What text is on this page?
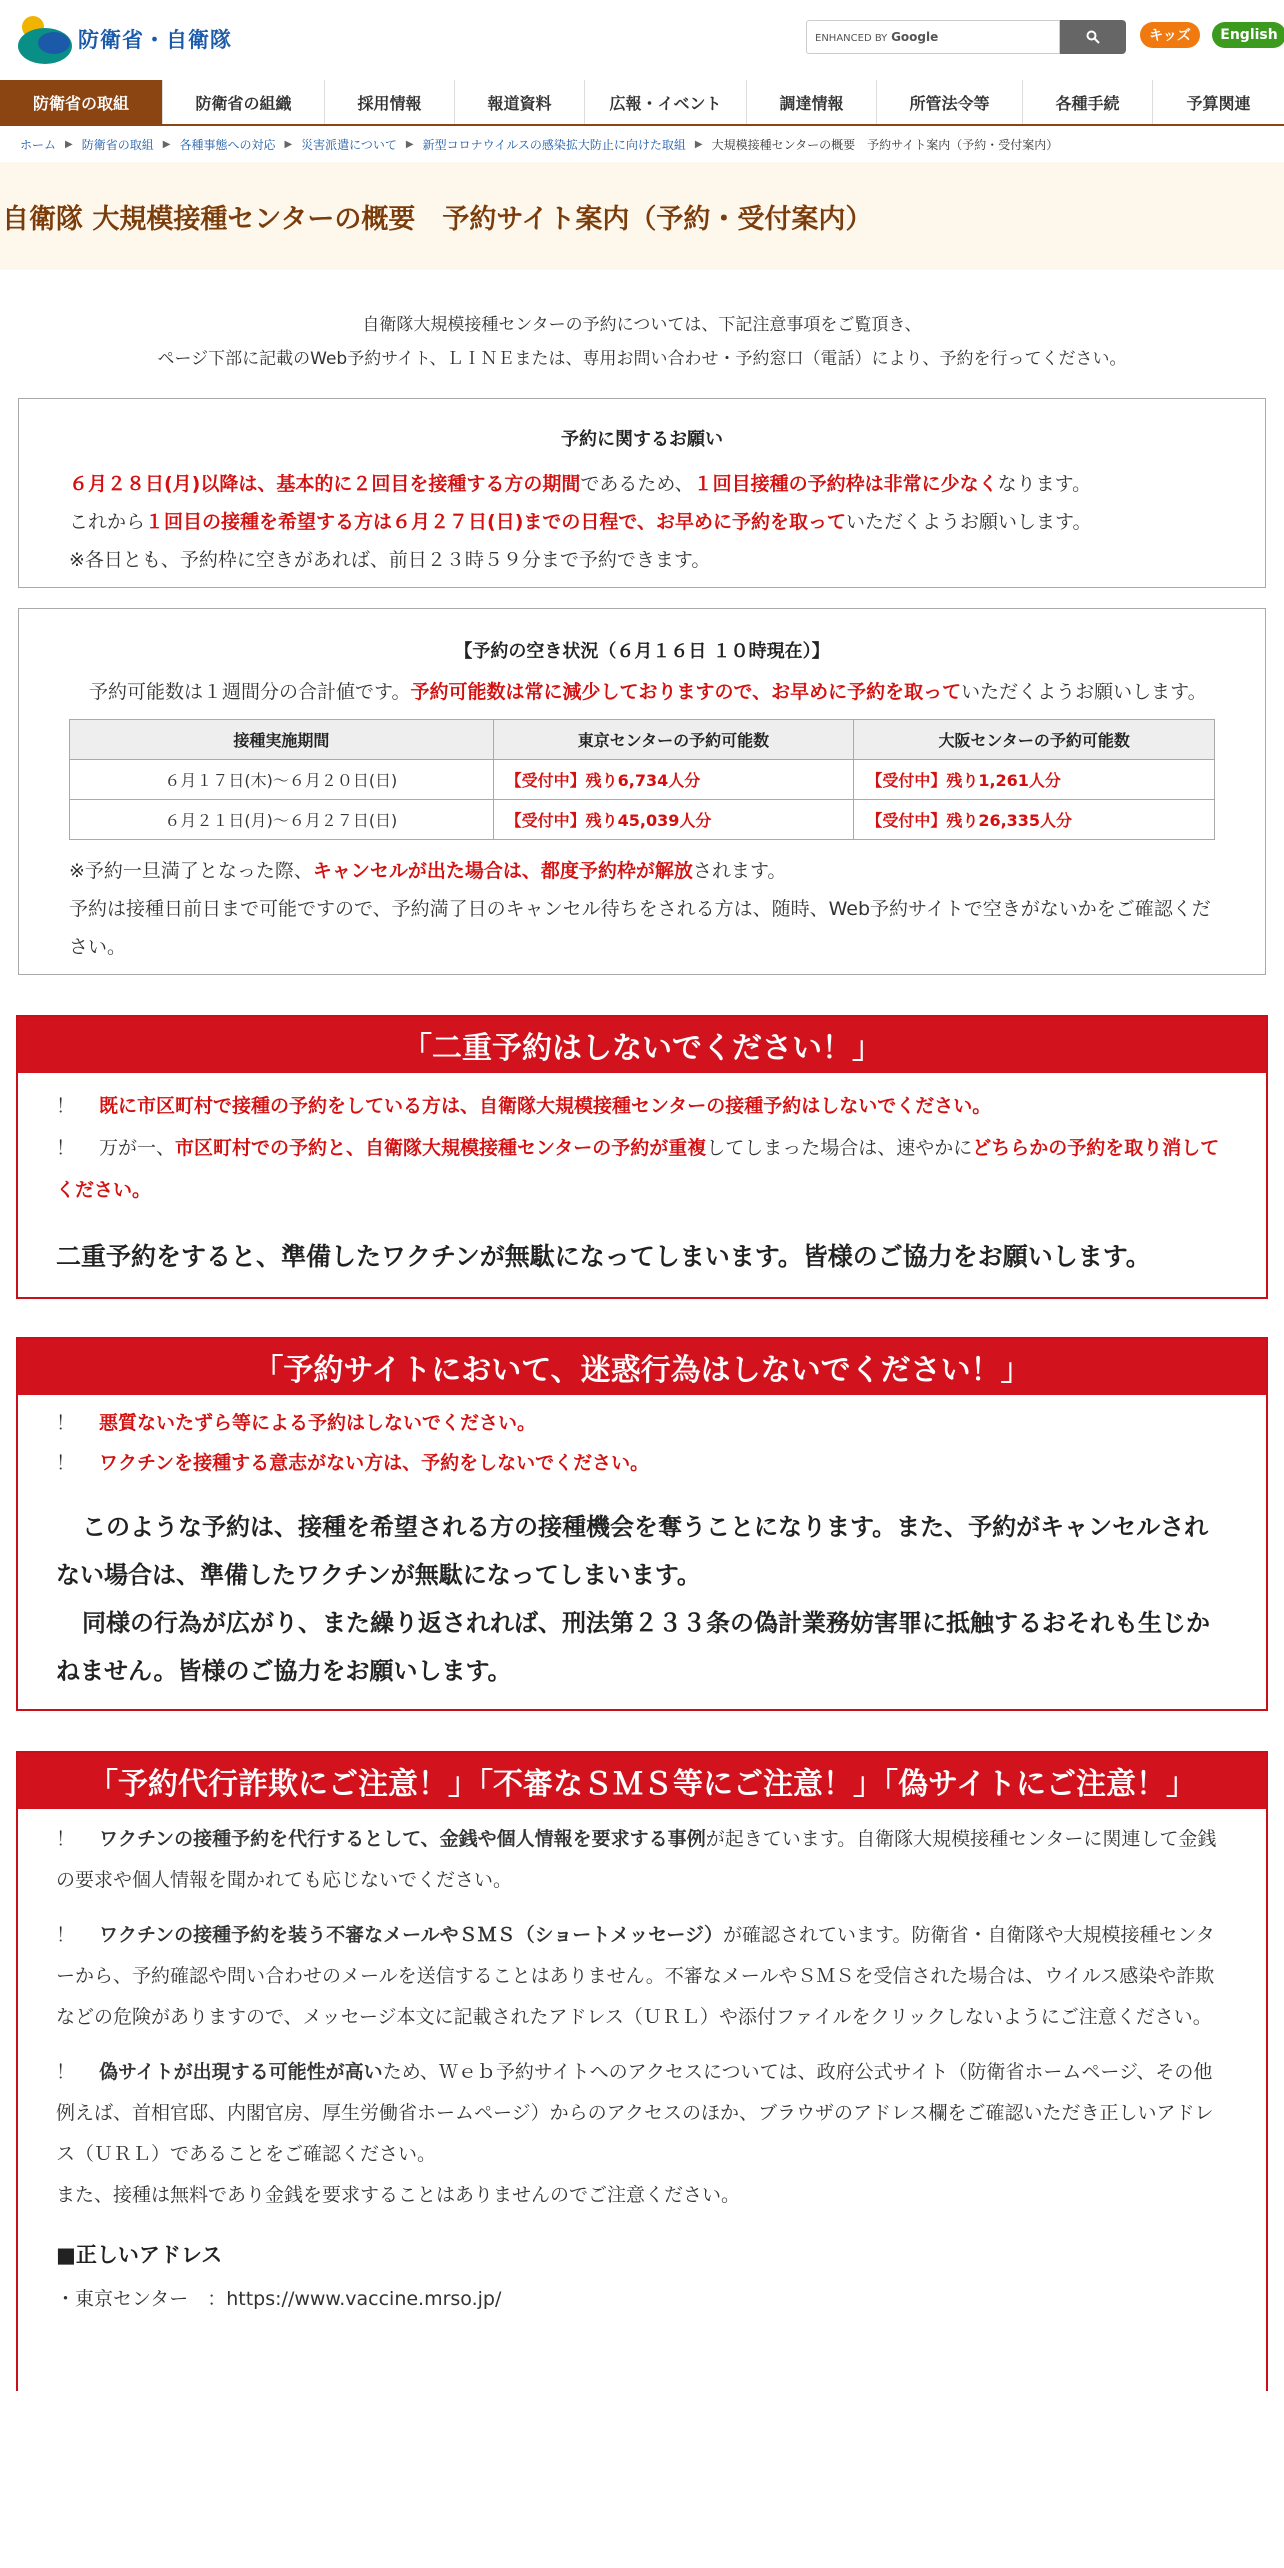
防衛省・自衛隊	ENHANCED BY Google	キッズ	English
防衛省の取組	防衛省の組織	採用情報	報道資料	広報・イベント	調達情報	所管法令等	各種手続	予算関連
ホーム ▶ 防衛省の取組 ▶ 各種事態への対応 ▶ 災害派遣について ▶ 新型コロナウイルスの感染拡大防止に向けた取組 ▶ 大規模接種センターの概要　予約サイト案内（予約・受付案内）
自衛隊 大規模接種センターの概要　予約サイト案内（予約・受付案内）
自衛隊大規模接種センターの予約については、下記注意事項をご覧頂き、
ページ下部に記載のWeb予約サイト、ＬＩＮＥまたは、専用お問い合わせ・予約窓口（電話）により、予約を行ってください。
予約に関するお願い
６月２８日(月)以降は、基本的に２回目を接種する方の期間であるため、１回目接種の予約枠は非常に少なくなります。
これから１回目の接種を希望する方は６月２７日(日)までの日程で、お早めに予約を取っていただくようお願いします。
※各日とも、予約枠に空きがあれば、前日２３時５９分まで予約できます。
【予約の空き状況（６月１６日 １０時現在）】
予約可能数は１週間分の合計値です。予約可能数は常に減少しておりますので、お早めに予約を取っていただくようお願いします。
接種実施期間	東京センターの予約可能数	大阪センターの予約可能数
６月１７日(木)～６月２０日(日)	【受付中】残り6,734人分	【受付中】残り1,261人分
６月２１日(月)～６月２７日(日)	【受付中】残り45,039人分	【受付中】残り26,335人分
※予約一旦満了となった際、キャンセルが出た場合は、都度予約枠が解放されます。
予約は接種日前日まで可能ですので、予約満了日のキャンセル待ちをされる方は、随時、Web予約サイトで空きがないかをご確認ください。
「二重予約はしないでください！」
！ 既に市区町村で接種の予約をしている方は、自衛隊大規模接種センターの接種予約はしないでください。
！ 万が一、市区町村での予約と、自衛隊大規模接種センターの予約が重複してしまった場合は、速やかにどちらかの予約を取り消してください。
二重予約をすると、準備したワクチンが無駄になってしまいます。皆様のご協力をお願いします。
「予約サイトにおいて、迷惑行為はしないでください！」
！ 悪質ないたずら等による予約はしないでください。
！ ワクチンを接種する意志がない方は、予約をしないでください。
このような予約は、接種を希望される方の接種機会を奪うことになります。また、予約がキャンセルされない場合は、準備したワクチンが無駄になってしまいます。
同様の行為が広がり、また繰り返されれば、刑法第２３３条の偽計業務妨害罪に抵触するおそれも生じかねません。皆様のご協力をお願いします。
「予約代行詐欺にご注意！」「不審なＳＭＳ等にご注意！」「偽サイトにご注意！」
！ ワクチンの接種予約を代行するとして、金銭や個人情報を要求する事例が起きています。自衛隊大規模接種センターに関連して金銭の要求や個人情報を聞かれても応じないでください。
！ ワクチンの接種予約を装う不審なメールやＳＭＳ（ショートメッセージ）が確認されています。防衛省・自衛隊や大規模接種センターから、予約確認や問い合わせのメールを送信することはありません。不審なメールやＳＭＳを受信された場合は、ウイルス感染や詐欺などの危険がありますので、メッセージ本文に記載されたアドレス（ＵＲＬ）や添付ファイルをクリックしないようにご注意ください。
！ 偽サイトが出現する可能性が高いため、Ｗｅｂ予約サイトへのアクセスについては、政府公式サイト（防衛省ホームページ、その他例えば、首相官邸、内閣官房、厚生労働省ホームページ）からのアクセスのほか、ブラウザのアドレス欄をご確認いただき正しいアドレス（ＵＲＬ）であることをご確認ください。
また、接種は無料であり金銭を要求することはありませんのでご注意ください。
■正しいアドレス
・東京センター　：https://www.vaccine.mrso.jp/
